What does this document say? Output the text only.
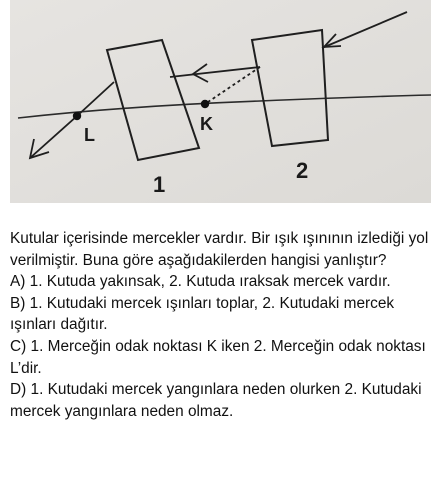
L
K
1
2

Kutular içerisinde mercekler vardır. Bir ışık ışınının izlediği yol verilmiştir. Buna göre aşağıdakilerden hangisi yanlıştır?

A) 1. Kutuda yakınsak, 2. Kutuda ıraksak mercek vardır.

B) 1. Kutudaki mercek ışınları toplar, 2. Kutudaki mercek ışınları dağıtır.

C) 1. Merceğin odak noktası K iken 2. Merceğin odak noktası L’dir.

D) 1. Kutudaki mercek yangınlara neden olurken 2. Kutudaki mercek yangınlara neden olmaz.
